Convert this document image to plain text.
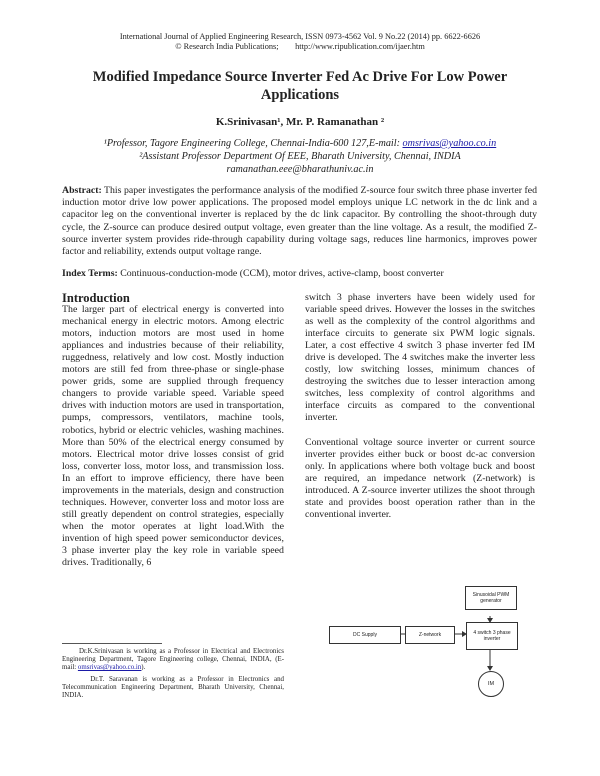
International Journal of Applied Engineering Research, ISSN 0973-4562 Vol. 9 No.22 (2014) pp. 6622-6626
© Research India Publications;        http://www.ripublication.com/ijaer.htm
Modified Impedance Source Inverter Fed Ac Drive For Low Power Applications
K.Srinivasan¹, Mr. P. Ramanathan ²
¹Professor, Tagore Engineering College, Chennai-India-600 127,E-mail: omsrivas@yahoo.co.in
²Assistant Professor Department Of EEE, Bharath University, Chennai, INDIA
ramanathan.eee@bharathuniv.ac.in
Abstract: This paper investigates the performance analysis of the modified Z-source four switch three phase inverter fed induction motor drive low power applications. The proposed model employs unique LC network in the dc link and a capacitor leg on the conventional inverter is replaced by the dc link capacitor. By controlling the shoot-through duty cycle, the Z-source can produce desired output voltage, even greater than the line voltage. As a result, the modified Z-source inverter system provides ride-through capability during voltage sags, reduces line harmonics, improves power factor and reliability, extends output voltage range.
Index Terms: Continuous-conduction-mode (CCM), motor drives, active-clamp, boost converter
Introduction

The larger part of electrical energy is converted into mechanical energy in electric motors. Among electric motors, induction motors are most used in home appliances and industries because of their reliability, ruggedness, relatively and low cost. Mostly induction motors are still fed from three-phase or single-phase power grids, some are supplied through frequency changers to provide variable speed. Variable speed drives with induction motors are used in transportation, pumps, compressors, ventilators, machine tools, robotics, hybrid or electric vehicles, washing machines. More than 50% of the electrical energy consumed by motors. Electrical motor drive losses consist of grid loss, converter loss, motor loss, and transmission loss. In an effort to improve efficiency, there have been improvements in the materials, design and construction techniques. However, converter loss and motor loss are still greatly dependent on control strategies, especially when the motor operates at light load.With the invention of high speed power semiconductor devices, 3 phase inverter play the key role in variable speed drives. Traditionally, 6

Dr.K.Srinivasan is working as a Professor in Electrical and Electronics Engineering Department, Tagore Engineering college, Chennai, INDIA, (E-mail: omsrivas@yahoo.co.in).
Dr.T. Saravanan is working as a Professor in Electronics and Telecommunication Engineering Department, Bharath University, Chennai, INDIA.

switch 3 phase inverters have been widely used for variable speed drives. However the losses in the switches as well as the complexity of the control algorithms and interface circuits to generate six PWM logic signals. Later, a cost effective 4 switch 3 phase inverter fed IM drive is developed. The 4 switches make the inverter less costly, low switching losses, minimum chances of destroying the switches due to lesser interaction among switches, less complexity of control algorithms and interface circuits as compared to the conventional inverter.

Conventional voltage source inverter or current source inverter provides either buck or boost dc-ac conversion only. In applications where both voltage buck and boost are required, an impedance network (Z-network) is introduced. A Z-source inverter utilizes the shoot through state and provides boost operation rather than in the conventional inverter.

Sinusoidal PWM generator
DC Supply	Z-network	4 switch 3 phase inverter
IM
